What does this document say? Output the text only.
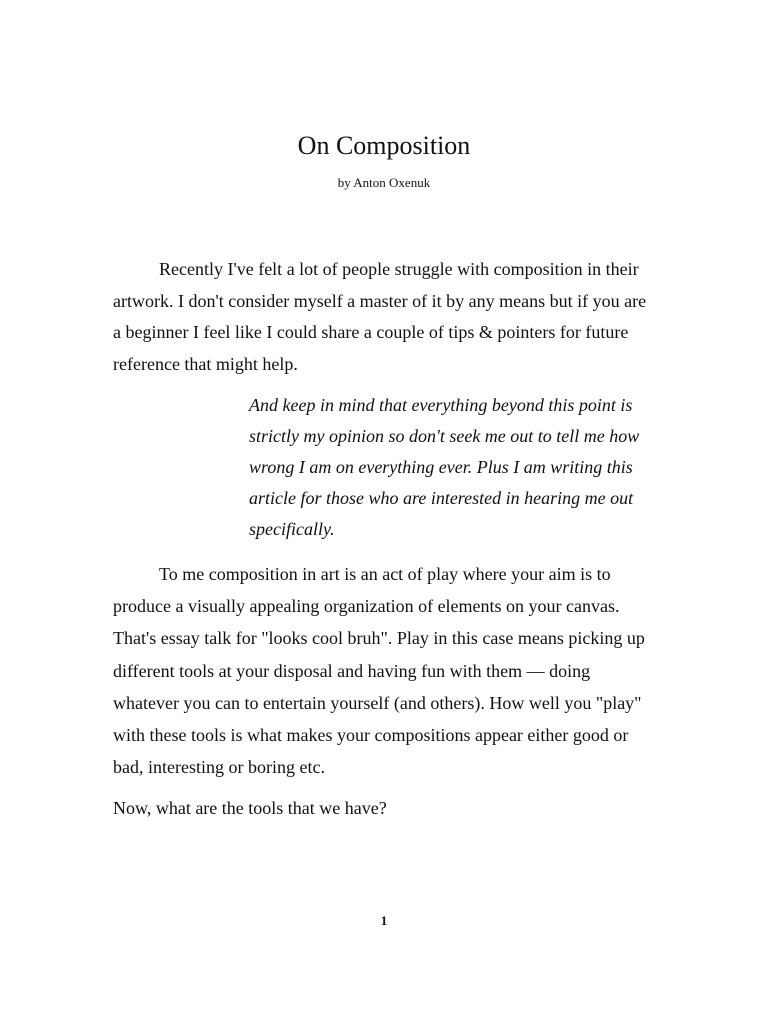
On Composition

by Anton Oxenuk

Recently I've felt a lot of people struggle with composition in their artwork. I don't consider myself a master of it by any means but if you are a beginner I feel like I could share a couple of tips & pointers for future reference that might help.

And keep in mind that everything beyond this point is strictly my opinion so don't seek me out to tell me how wrong I am on everything ever. Plus I am writing this article for those who are interested in hearing me out specifically.

To me composition in art is an act of play where your aim is to produce a visually appealing organization of elements on your canvas. That's essay talk for "looks cool bruh". Play in this case means picking up different tools at your disposal and having fun with them — doing whatever you can to entertain yourself (and others). How well you "play" with these tools is what makes your compositions appear either good or bad, interesting or boring etc.

Now, what are the tools that we have?

1
